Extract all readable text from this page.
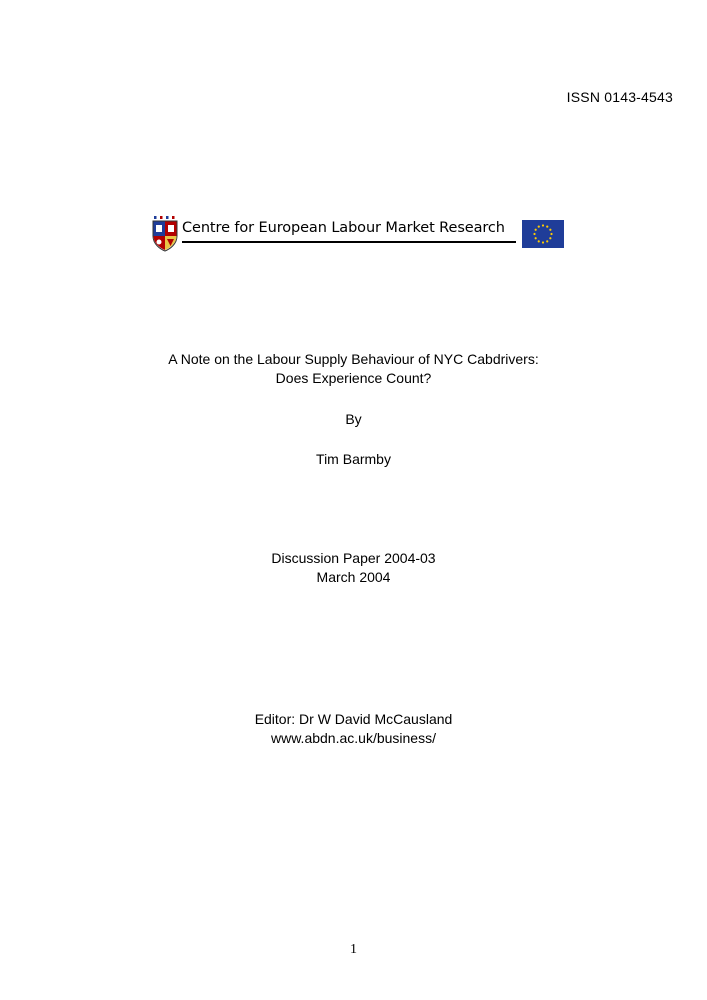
ISSN 0143-4543
Centre for European Labour Market Research
A Note on the Labour Supply Behaviour of NYC Cabdrivers:
Does Experience Count?
By
Tim Barmby
Discussion Paper 2004-03
March 2004
Editor: Dr W David McCausland
www.abdn.ac.uk/business/
1
